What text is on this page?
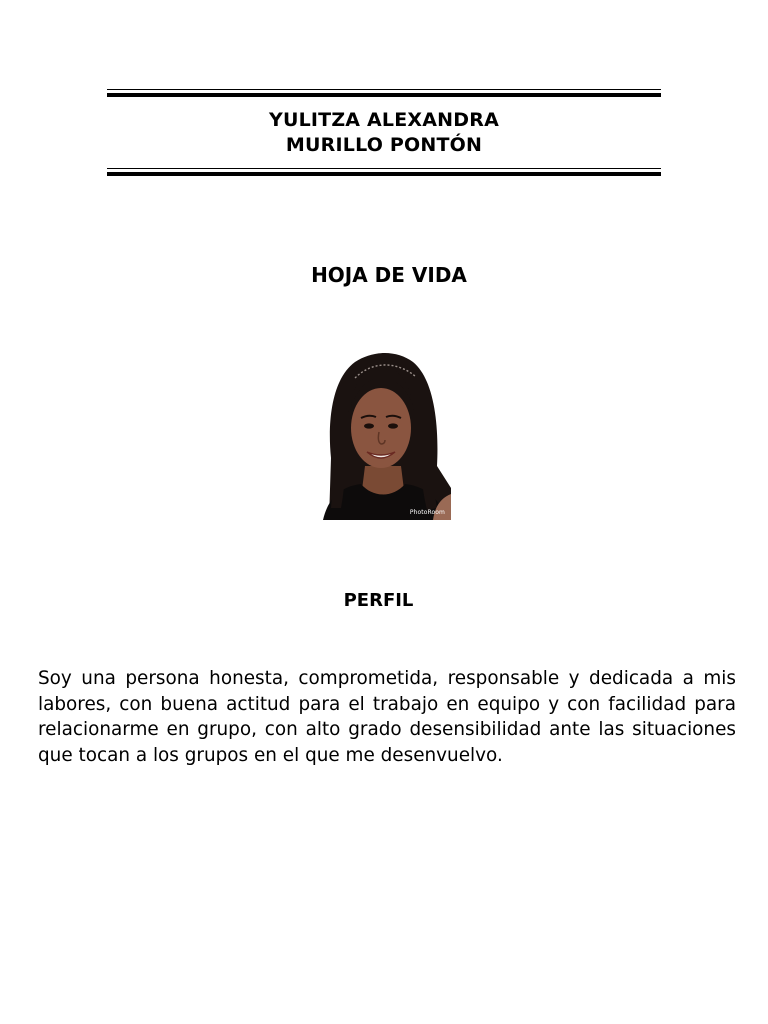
YULITZA ALEXANDRA
MURILLO PONTÓN
HOJA DE VIDA
PhotoRoom
PERFIL

Soy una persona honesta, comprometida, responsable y dedicada a mis labores, con buena actitud para el trabajo en equipo y con facilidad para relacionarme en grupo, con alto grado desensibilidad ante las situaciones que tocan a los grupos en el que me desenvuelvo.
